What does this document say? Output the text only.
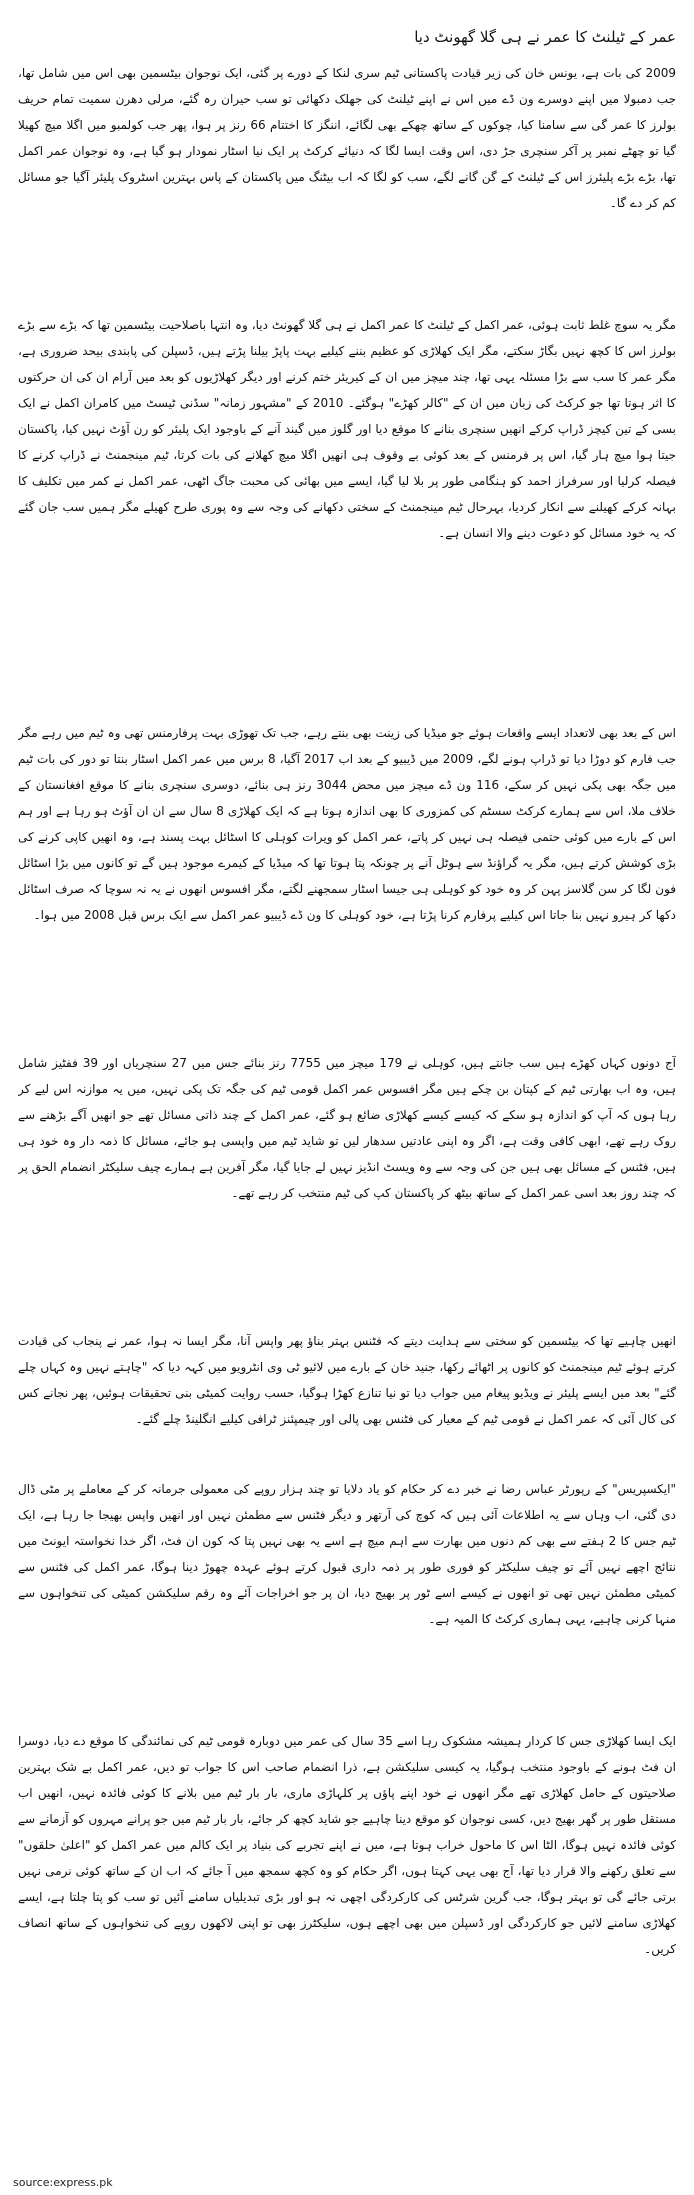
عمر کے ٹیلنٹ کا عمر نے ہی گلا گھونٹ دیا
2009 کی بات ہے، یونس خان کی زیر قیادت پاکستانی ٹیم سری لنکا کے دورے پر گئی، ایک نوجوان بیٹسمین بھی اس میں شامل تھا، جب دمبولا میں اپنے دوسرے ون ڈے میں اس نے اپنے ٹیلنٹ کی جھلک دکھائی تو سب حیران رہ گئے، مرلی دھرن سمیت تمام حریف بولرز کا عمر گی سے سامنا کیا، چوکوں کے ساتھ چھکے بھی لگائے، اننگز کا اختتام 66 رنز پر ہوا، پھر جب کولمبو میں اگلا میچ کھیلا گیا تو چھٹے نمبر پر آکر سنچری جڑ دی، اس وقت ایسا لگا کہ دنیائے کرکٹ پر ایک نیا اسٹار نمودار ہو گیا ہے، وہ نوجوان عمر اکمل تھا، بڑے بڑے پلیئرز اس کے ٹیلنٹ کے گن گانے لگے، سب کو لگا کہ اب بیٹنگ میں پاکستان کے پاس بہترین اسٹروک پلیئر آگیا جو مسائل کم کر دے گا۔
مگر یہ سوچ غلط ثابت ہوئی، عمر اکمل کے ٹیلنٹ کا عمر اکمل نے ہی گلا گھونٹ دیا، وہ انتہا باصلاحیت بیٹسمین تھا کہ بڑے سے بڑے بولرز اس کا کچھ نہیں بگاڑ سکتے، مگر ایک کھلاڑی کو عظیم بننے کیلیے بہت پاپڑ بیلنا پڑتے ہیں، ڈسپلن کی پابندی بیحد ضروری ہے، مگر عمر کا سب سے بڑا مسئلہ یہی تھا، چند میچز میں ان کے کیریئر ختم کرنے اور دیگر کھلاڑیوں کو بعد میں آرام ان کی ان حرکتوں کا اثر ہوتا تھا جو کرکٹ کی زبان میں ان کے "کالر کھڑے" ہوگئے۔ 2010 کے "مشہور زمانہ" سڈنی ٹیسٹ میں کامران اکمل نے ایک بسی کے تین کیچز ڈراپ کرکے انھیں سنچری بنانے کا موقع دیا اور گلوز میں گیند آنے کے باوجود ایک پلیئر کو رن آؤٹ نہیں کیا، پاکستان جیتا ہوا میچ ہار گیا، اس پر فرمنس کے بعد کوئی بے وقوف ہی انھیں اگلا میچ کھلانے کی بات کرتا، ٹیم مینجمنٹ نے ڈراپ کرنے کا فیصلہ کرلیا اور سرفراز احمد کو ہنگامی طور پر بلا لیا گیا، ایسے میں بھائی کی محبت جاگ اٹھی، عمر اکمل نے کمر میں تکلیف کا بہانہ کرکے کھیلنے سے انکار کردیا، بہرحال ٹیم مینجمنٹ کے سختی دکھانے کی وجہ سے وہ پوری طرح کھیلے مگر ہمیں سب جان گئے کہ یہ خود مسائل کو دعوت دینے والا انسان ہے۔
اس کے بعد بھی لاتعداد ایسے واقعات ہوئے جو میڈیا کی زینت بھی بنتے رہے، جب تک تھوڑی بہت پرفارمنس تھی وہ ٹیم میں رہے مگر جب فارم کو دوڑا دیا تو ڈراپ ہونے لگے، 2009 میں ڈیبیو کے بعد اب 2017 آگیا، 8 برس میں عمر اکمل اسٹار بنتا تو دور کی بات ٹیم میں جگہ بھی پکی نہیں کر سکے، 116 ون ڈے میچز میں محض 3044 رنز ہی بنائے، دوسری سنچری بنانے کا موقع افغانستان کے خلاف ملا، اس سے ہمارے کرکٹ سسٹم کی کمزوری کا بھی اندازہ ہوتا ہے کہ ایک کھلاڑی 8 سال سے ان ان آؤٹ ہو رہا ہے اور ہم اس کے بارے میں کوئی حتمی فیصلہ ہی نہیں کر پاتے، عمر اکمل کو ویرات کوہلی کا اسٹائل بہت پسند ہے، وہ انھیں کاپی کرنے کی بڑی کوشش کرتے ہیں، مگر یہ گراؤنڈ سے ہوٹل آنے پر چونکہ پتا ہوتا تھا کہ میڈیا کے کیمرے موجود ہیں گے تو کانوں میں بڑا اسٹائل فون لگا کر سن گلاسز پہن کر وہ خود کو کوہلی ہی جیسا اسٹار سمجھنے لگتے، مگر افسوس انھوں نے یہ نہ سوچا کہ صرف اسٹائل دکھا کر ہیرو نہیں بنا جاتا اس کیلیے پرفارم کرنا پڑتا ہے، خود کوہلی کا ون ڈے ڈیبیو عمر اکمل سے ایک برس قبل 2008 میں ہوا۔
آج دونوں کہاں کھڑے ہیں سب جانتے ہیں، کوہلی نے 179 میچز میں 7755 رنز بنائے جس میں 27 سنچریاں اور 39 ففٹیز شامل ہیں، وہ اب بھارتی ٹیم کے کپتان بن چکے ہیں مگر افسوس عمر اکمل قومی ٹیم کی جگہ تک پکی نہیں، میں یہ موازنہ اس لیے کر رہا ہوں کہ آپ کو اندازہ ہو سکے کہ کیسے کیسے کھلاڑی ضائع ہو گئے، عمر اکمل کے چند ذاتی مسائل تھے جو انھیں آگے بڑھنے سے روک رہے تھے، ابھی کافی وقت ہے، اگر وہ اپنی عادتیں سدھار لیں تو شاید ٹیم میں واپسی ہو جائے، مسائل کا ذمہ دار وہ خود ہی ہیں، فٹنس کے مسائل بھی ہیں جن کی وجہ سے وہ ویسٹ انڈیز نہیں لے جایا گیا، مگر آفرین ہے ہمارے چیف سلیکٹر انضمام الحق پر کہ چند روز بعد اسی عمر اکمل کے ساتھ بیٹھ کر پاکستان کپ کی ٹیم منتخب کر رہے تھے۔
انھیں چاہیے تھا کہ بیٹسمین کو سختی سے ہدایت دیتے کہ فٹنس بہتر بناؤ پھر واپس آنا، مگر ایسا نہ ہوا، عمر نے پنجاب کی قیادت کرتے ہوئے ٹیم مینجمنٹ کو کانوں پر اٹھائے رکھا، جنید خان کے بارے میں لائیو ٹی وی انٹرویو میں کہہ دیا کہ "چاہتے نہیں وہ کہاں چلے گئے" بعد میں ایسے پلیئر نے ویڈیو پیغام میں جواب دیا تو نیا تنازع کھڑا ہوگیا، حسب روایت کمیٹی بنی تحقیقات ہوئیں، پھر نجانے کس کی کال آئی کہ عمر اکمل نے قومی ٹیم کے معیار کی فٹنس بھی پالی اور چیمپئنز ٹرافی کیلیے انگلینڈ چلے گئے۔
"ایکسپریس" کے رپورٹر عباس رضا نے خبر دے کر حکام کو یاد دلایا تو چند ہزار روپے کی معمولی جرمانہ کر کے معاملے پر مٹی ڈال دی گئی، اب وہاں سے یہ اطلاعات آئی ہیں کہ کوچ کی آرتھر و دیگر فٹنس سے مطمئن نہیں اور انھیں واپس بھیجا جا رہا ہے، ایک ٹیم جس کا 2 ہفتے سے بھی کم دنوں میں بھارت سے اہم میچ ہے اسے یہ بھی نہیں پتا کہ کون ان فٹ، اگر خدا نخواستہ ایونٹ میں نتائج اچھے نہیں آئے تو چیف سلیکٹر کو فوری طور پر ذمہ داری قبول کرتے ہوئے عہدہ چھوڑ دینا ہوگا، عمر اکمل کی فٹنس سے کمیٹی مطمئن نہیں تھی تو انھوں نے کیسے اسے ٹور پر بھیج دیا، ان پر جو اخراجات آئے وہ رقم سلیکشن کمیٹی کی تنخواہوں سے منہا کرنی چاہیے، یہی ہماری کرکٹ کا المیہ ہے۔
ایک ایسا کھلاڑی جس کا کردار ہمیشہ مشکوک رہا اسے 35 سال کی عمر میں دوبارہ قومی ٹیم کی نمائندگی کا موقع دے دیا، دوسرا ان فٹ ہونے کے باوجود منتخب ہوگیا، یہ کیسی سلیکشن ہے، ذرا انضمام صاحب اس کا جواب تو دیں، عمر اکمل بے شک بہترین صلاحیتوں کے حامل کھلاڑی تھے مگر انھوں نے خود اپنے پاؤں پر کلہاڑی ماری، بار بار ٹیم میں بلانے کا کوئی فائدہ نہیں، انھیں اب مستقل طور پر گھر بھیج دیں، کسی نوجوان کو موقع دینا چاہیے جو شاید کچھ کر جائے، بار بار ٹیم میں جو پرانے مہروں کو آزمانے سے کوئی فائدہ نہیں ہوگا، الٹا اس کا ماحول خراب ہوتا ہے، میں نے اپنے تجربے کی بنیاد پر ایک کالم میں عمر اکمل کو "اعلیٰ حلقوں" سے تعلق رکھنے والا قرار دیا تھا، آج بھی یہی کہتا ہوں، اگر حکام کو وہ کچھ سمجھ میں آ جائے کہ اب ان کے ساتھ کوئی نرمی نہیں برتی جائے گی تو بہتر ہوگا، جب گرین شرٹس کی کارکردگی اچھی نہ ہو اور بڑی تبدیلیاں سامنے آئیں تو سب کو پتا چلتا ہے، ایسے کھلاڑی سامنے لائیں جو کارکردگی اور ڈسپلن میں بھی اچھے ہوں، سلیکٹرز بھی تو اپنی لاکھوں روپے کی تنخواہوں کے ساتھ انصاف کریں۔
source:express.pk
